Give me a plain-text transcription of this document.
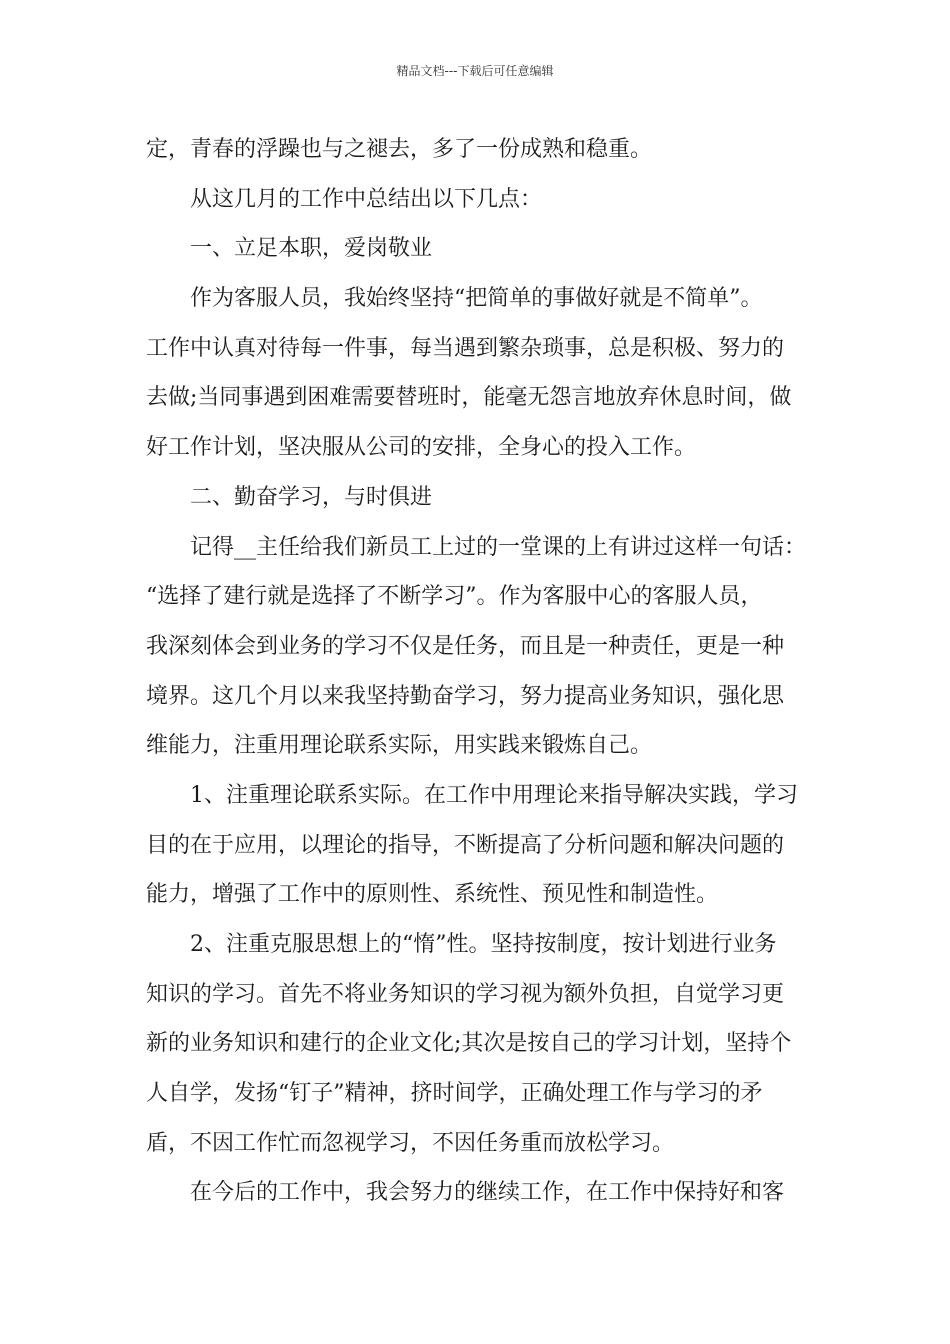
精品文档---下载后可任意编辑
定，青春的浮躁也与之褪去，多了一份成熟和稳重。
从这几月的工作中总结出以下几点：
一、立足本职，爱岗敬业
作为客服人员，我始终坚持“把简单的事做好就是不简单”。
工作中认真对待每一件事，每当遇到繁杂琐事，总是积极、努力的
去做;当同事遇到困难需要替班时，能毫无怨言地放弃休息时间，做
好工作计划，坚决服从公司的安排，全身心的投入工作。
二、勤奋学习，与时俱进
记得__主任给我们新员工上过的一堂课的上有讲过这样一句话：
“选择了建行就是选择了不断学习”。作为客服中心的客服人员，
我深刻体会到业务的学习不仅是任务，而且是一种责任，更是一种
境界。这几个月以来我坚持勤奋学习，努力提高业务知识，强化思
维能力，注重用理论联系实际，用实践来锻炼自己。
1、注重理论联系实际。在工作中用理论来指导解决实践，学习
目的在于应用，以理论的指导，不断提高了分析问题和解决问题的
能力，增强了工作中的原则性、系统性、预见性和制造性。
2、注重克服思想上的“惰”性。坚持按制度，按计划进行业务
知识的学习。首先不将业务知识的学习视为额外负担，自觉学习更
新的业务知识和建行的企业文化;其次是按自己的学习计划，坚持个
人自学，发扬“钉子”精神，挤时间学，正确处理工作与学习的矛
盾，不因工作忙而忽视学习，不因任务重而放松学习。
在今后的工作中，我会努力的继续工作，在工作中保持好和客
